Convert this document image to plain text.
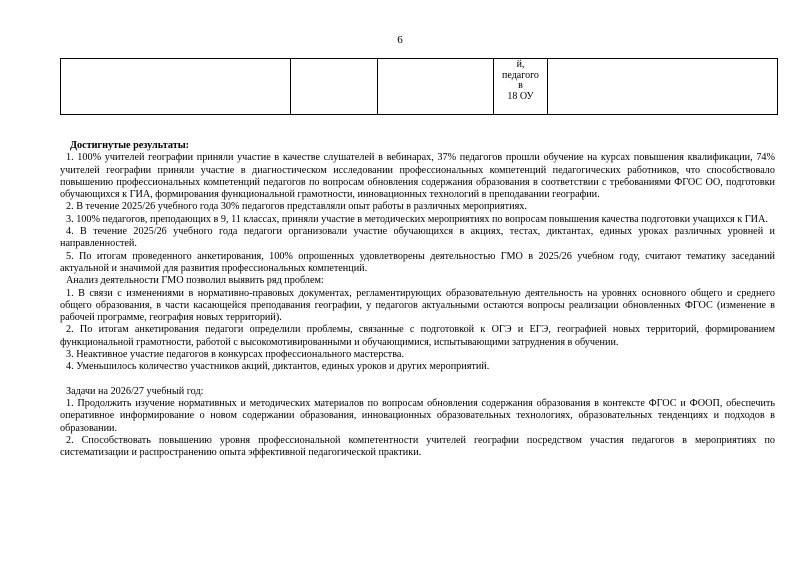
6

й,
педагого
в
18 ОУ

Достигнутые результаты:

1. 100% учителей географии приняли участие в качестве слушателей в вебинарах, 37% педагогов прошли обучение на курсах повышения квалификации, 74% учителей географии приняли участие в диагностическом исследовании профессиональных компетенций педагогических работников, что способствовало повышению профессиональных компетенций педагогов по вопросам обновления содержания образования в соответствии с требованиями ФГОС ОО, подготовки обучающихся к ГИА, формирования функциональной грамотности, инновационных технологий в преподавании географии.

2. В течение 2025/26 учебного года 30% педагогов представляли опыт работы в различных мероприятиях.

3. 100% педагогов, преподающих в 9, 11 классах, приняли участие в методических мероприятиях по вопросам повышения качества подготовки учащихся к ГИА.

4. В течение 2025/26 учебного года педагоги организовали участие обучающихся в акциях, тестах, диктантах, единых уроках различных уровней и направленностей.

5. По итогам проведенного анкетирования, 100% опрошенных удовлетворены деятельностью ГМО в 2025/26 учебном году, считают тематику заседаний актуальной и значимой для развития профессиональных компетенций.

Анализ деятельности ГМО позволил выявить ряд проблем:

1. В связи с изменениями в нормативно-правовых документах, регламентирующих образовательную деятельность на уровнях основного общего и среднего общего образования, в части касающейся преподавания географии, у педагогов актуальными остаются вопросы реализации обновленных ФГОС (изменение в рабочей программе, география новых территорий).

2. По итогам анкетирования педагоги определили проблемы, связанные с подготовкой к ОГЭ и ЕГЭ, географией новых территорий, формированием функциональной грамотности, работой с высокомотивированными и обучающимися, испытывающими затруднения в обучении.

3. Неактивное участие педагогов в конкурсах профессионального мастерства.

4. Уменьшилось количество участников акций, диктантов, единых уроков и других мероприятий.

Задачи на 2026/27 учебный год:

1. Продолжить изучение нормативных и методических материалов по вопросам обновления содержания образования в контексте ФГОС и ФООП, обеспечить оперативное информирование о новом содержании образования, инновационных образовательных технологиях, образовательных тенденциях и подходов в образовании.

2. Способствовать повышению уровня профессиональной компетентности учителей географии посредством участия педагогов в мероприятиях по систематизации и распространению опыта эффективной педагогической практики.
